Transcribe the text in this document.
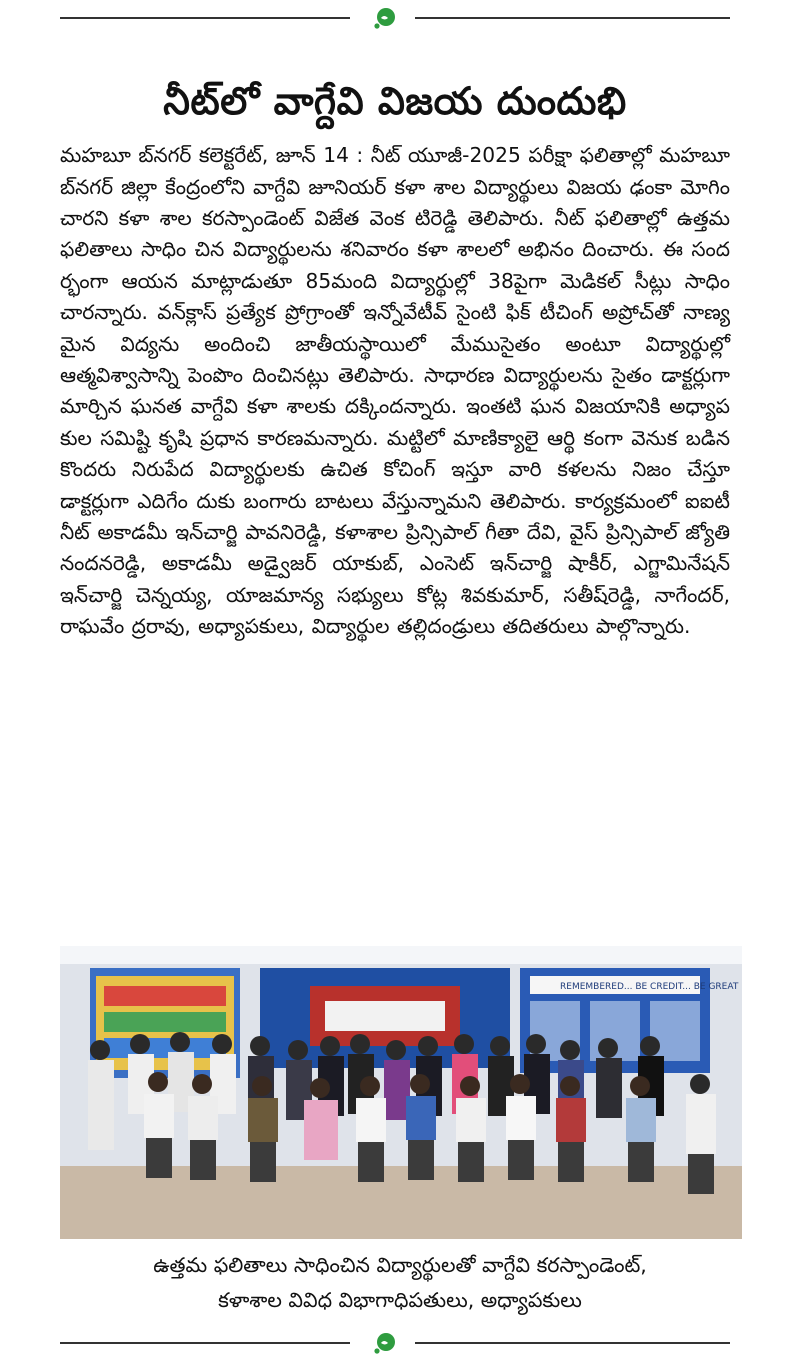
నీట్‌లో వాగ్దేవి విజయ దుందుభి

మహబూ బ్‌నగర్ కలెక్టరేట్, జూన్ 14 : నీట్ యూజీ-2025 పరీక్షా ఫలితాల్లో మహబూ బ్‌నగర్ జిల్లా కేంద్రంలోని వాగ్దేవి జూనియర్ కళా శాల విద్యార్థులు విజయ ఢంకా మోగిం చారని కళా శాల కరస్పాండెంట్ విజేత వెంక టిరెడ్డి తెలిపారు. నీట్ ఫలితాల్లో ఉత్తమ ఫలితాలు సాధిం చిన విద్యార్థులను శనివారం కళా శాలలో అభినం దించారు. ఈ సంద ర్భంగా ఆయన మాట్లాడుతూ 85మంది విద్యార్థుల్లో 38పైగా మెడికల్ సీట్లు సాధిం చారన్నారు. వన్‌క్లాస్ ప్రత్యేక ప్రోగ్రాంతో ఇన్నోవేటీవ్ సైంటి ఫిక్ టీచింగ్ అప్రోచ్‌తో నాణ్య మైన విద్యను అందించి జాతీయస్థాయిలో మేముసైతం అంటూ విద్యార్థుల్లో ఆత్మవిశ్వాసాన్ని పెంపొం దించినట్లు తెలిపారు. సాధారణ విద్యార్థులను సైతం డాక్టర్లుగా మార్చిన ఘనత వాగ్దేవి కళా శాలకు దక్కిందన్నారు. ఇంతటి ఘన విజయానికి అధ్యాప కుల సమిష్టి కృషి ప్రధాన కారణమన్నారు. మట్టిలో మాణిక్యాలై ఆర్థి కంగా వెనుక బడిన కొందరు నిరుపేద విద్యార్థులకు ఉచిత కోచింగ్ ఇస్తూ వారి కళలను నిజం చేస్తూ డాక్టర్లుగా ఎదిగేం దుకు బంగారు బాటలు వేస్తున్నామని తెలిపారు. కార్యక్రమంలో ఐఐటీ నీట్ అకాడమీ ఇన్‌చార్జి పావనిరెడ్డి, కళాశాల ప్రిన్సిపాల్ గీతా దేవి, వైస్ ప్రిన్సిపాల్ జ్యోతి నందనరెడ్డి, అకాడమీ అడ్వైజర్ యాకుబ్, ఎంసెట్ ఇన్‌చార్జి షాకీర్, ఎగ్జామినేషన్ ఇన్‌చార్జి చెన్నయ్య, యాజమాన్య సభ్యులు కోట్ల శివకుమార్, సతీష్‌రెడ్డి, నాగేందర్, రాఘవేం ద్రరావు, అధ్యాపకులు, విద్యార్థుల తల్లిదండ్రులు తదితరులు పాల్గొన్నారు.

REMEMBERED... BE CREDIT... BE GREAT
ఉత్తమ ఫలితాలు సాధించిన విద్యార్థులతో వాగ్దేవి కరస్పాండెంట్,
కళాశాల వివిధ విభాగాధిపతులు, అధ్యాపకులు
